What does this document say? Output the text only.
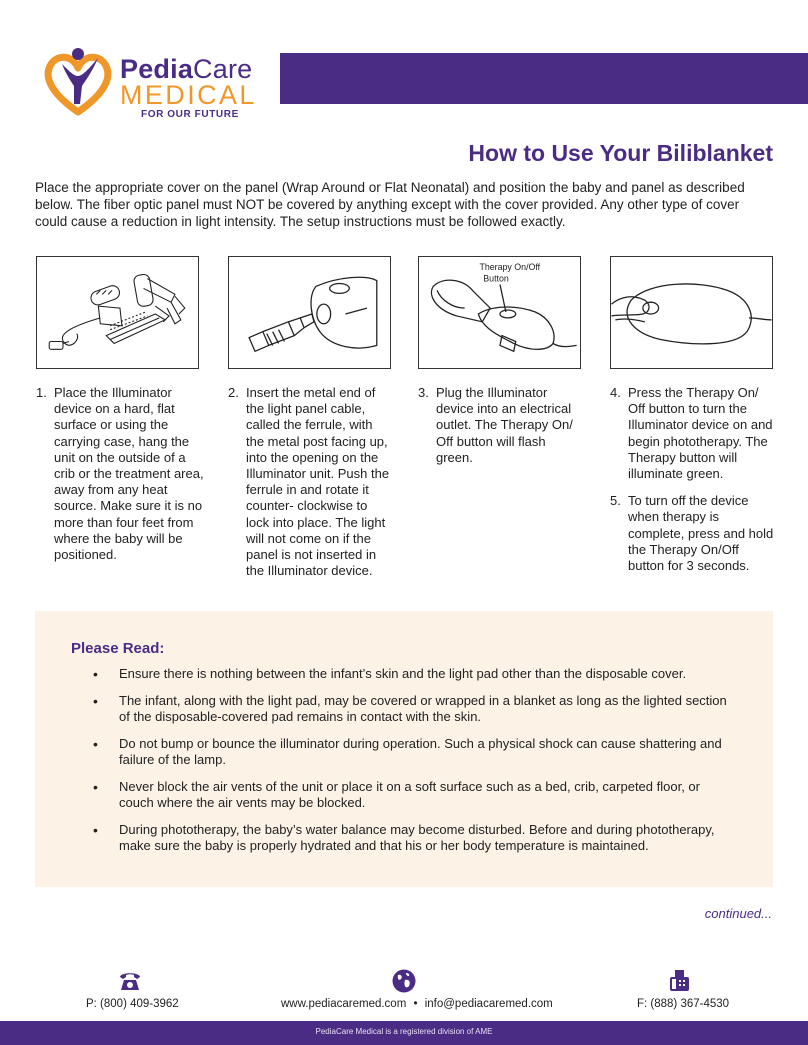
PediaCare
MEDICAL
FOR OUR FUTURE
How to Use Your Biliblanket

Place the appropriate cover on the panel (Wrap Around or Flat Neonatal) and position the baby and panel as described below. The fiber optic panel must NOT be covered by anything except with the cover provided. Any other type of cover could cause a reduction in light intensity. The setup instructions must be followed exactly.

Therapy On/Off
Button
1. Place the Illuminator device on a hard, flat surface or using the carrying case, hang the unit on the outside of a crib or the treatment area, away from any heat source. Make sure it is no more than four feet from where the baby will be positioned.
2. Insert the metal end of the light panel cable, called the ferrule, with the metal post facing up, into the opening on the Illuminator unit. Push the ferrule in and rotate it counter- clockwise to lock into place. The light will not come on if the panel is not inserted in the Illuminator device.
3. Plug the Illuminator device into an electrical outlet. The Therapy On/ Off button will flash green.
4. Press the Therapy On/ Off button to turn the Illuminator device on and begin phototherapy. The Therapy button will illuminate green.
5. To turn off the device when therapy is complete, press and hold the Therapy On/Off button for 3 seconds.
Please Read:
•	Ensure there is nothing between the infant’s skin and the light pad other than the disposable cover.
•	The infant, along with the light pad, may be covered or wrapped in a blanket as long as the lighted section of the disposable-covered pad remains in contact with the skin.
•	Do not bump or bounce the illuminator during operation. Such a physical shock can cause shattering and failure of the lamp.
•	Never block the air vents of the unit or place it on a soft surface such as a bed, crib, carpeted floor, or couch where the air vents may be blocked.
•	During phototherapy, the baby’s water balance may become disturbed. Before and during phototherapy, make sure the baby is properly hydrated and that his or her body temperature is maintained.
continued...
P: (800) 409-3962	www.pediacaremed.com • info@pediacaremed.com	F: (888) 367-4530
PediaCare Medical is a registered division of AME
